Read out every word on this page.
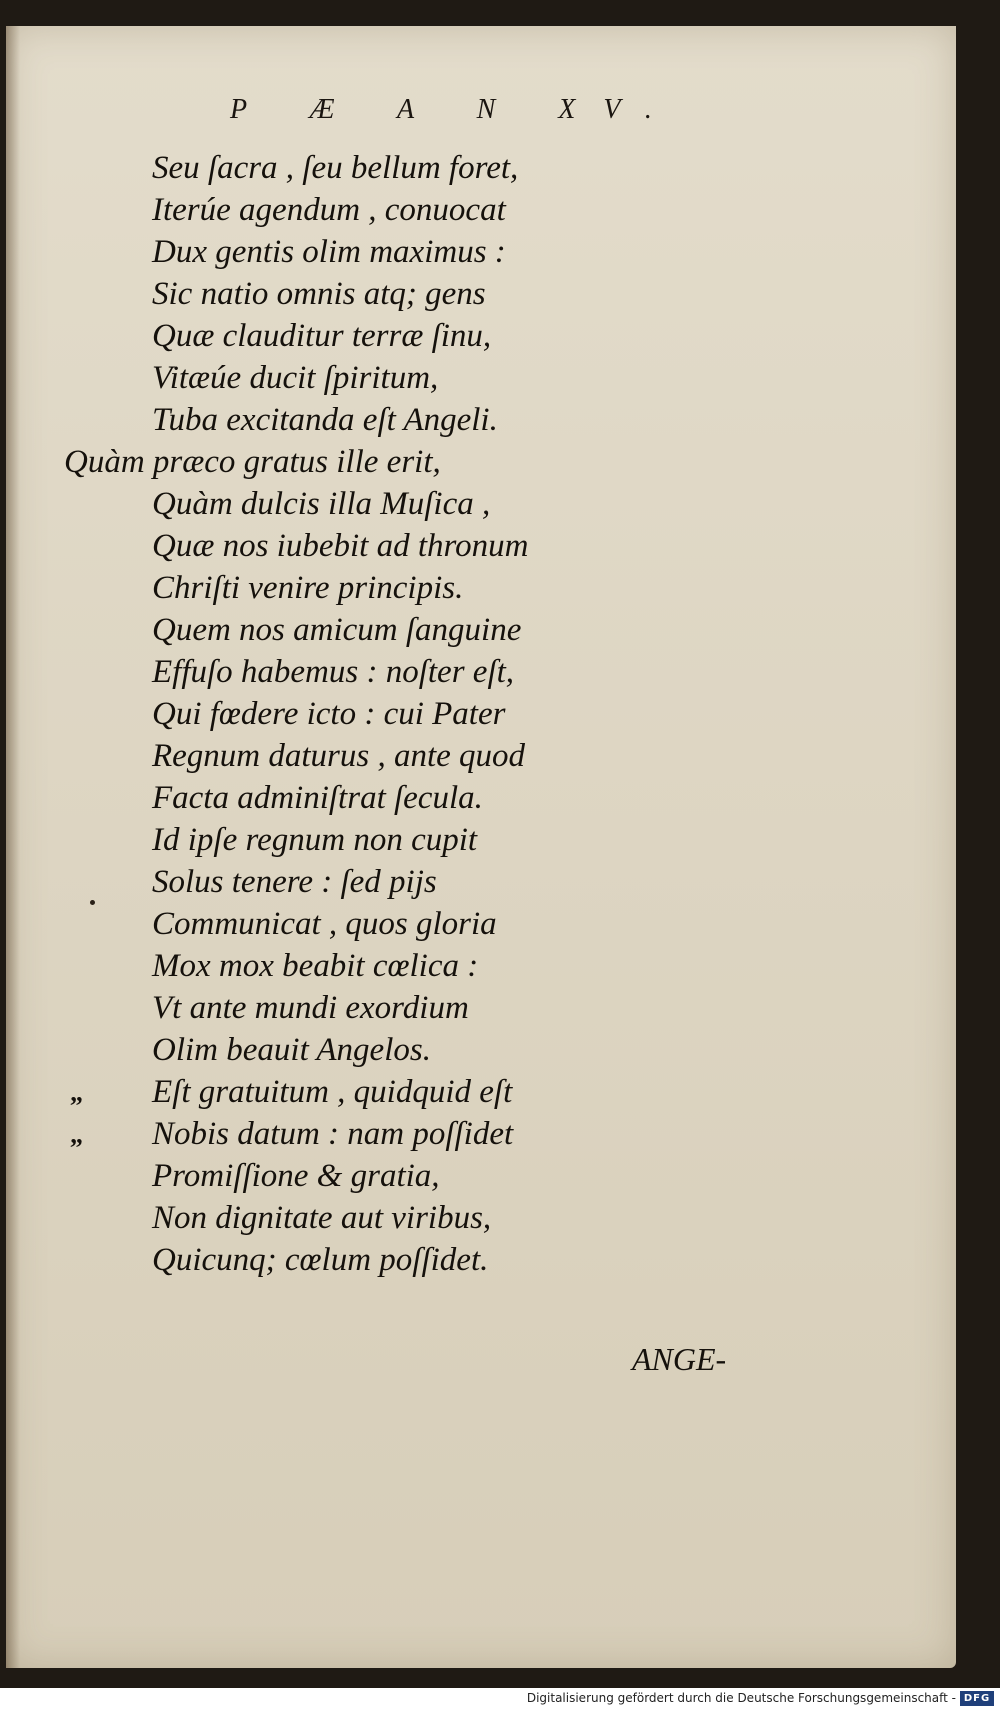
P Æ A N XV.
Seu ſacra , ſeu bellum foret,
Iterúe agendum , conuocat
Dux gentis olim maximus :
Sic natio omnis atq; gens
Quæ clauditur terræ ſinu,
Vitæúe ducit ſpiritum,
Tuba excitanda eſt Angeli.
Quàm præco gratus ille erit,
Quàm dulcis illa Muſica ,
Quæ nos iubebit ad thronum
Chriſti venire principis.
Quem nos amicum ſanguine
Effuſo habemus : noſter eſt,
Qui fœdere icto : cui Pater
Regnum daturus , ante quod
Facta adminiſtrat ſecula.
Id ipſe regnum non cupit
Solus tenere : ſed pijs
Communicat , quos gloria
Mox mox beabit cœlica :
Vt ante mundi exordium
Olim beauit Angelos.
Eſt gratuitum , quidquid eſt
Nobis datum : nam poſſidet
Promiſſione & gratia,
Non dignitate aut viribus,
Quicunq; cœlum poſſidet.
„
„
ANGE-
Digitalisierung gefördert durch die Deutsche Forschungsgemeinschaft - DFG
